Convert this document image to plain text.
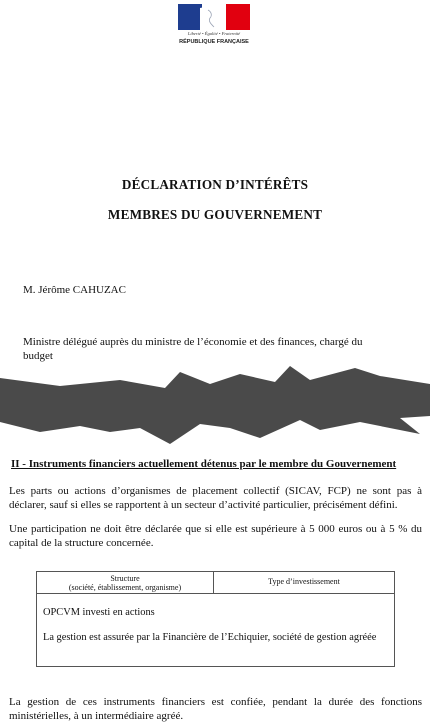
Liberté • Égalité • Fraternité
RÉPUBLIQUE FRANÇAISE
DÉCLARATION D’INTÉRÊTS
MEMBRES DU GOUVERNEMENT
M. Jérôme CAHUZAC
Ministre délégué auprès du ministre de l’économie et des finances, chargé du
budget
II - Instruments financiers actuellement détenus par le membre du Gouvernement
Les parts ou actions d’organismes de placement collectif (SICAV, FCP) ne sont pas à
déclarer, sauf si elles se rapportent à un secteur d’activité particulier, précisément défini.
Une participation ne doit être déclarée que si elle est supérieure à 5 000 euros ou à 5 % du
capital de la structure concernée.
Structure
(société, établissement, organisme)
Type d’investissement
OPCVM investi en actions
La gestion est assurée par la Financière de l’Echiquier, société de gestion agréée
La gestion de ces instruments financiers est confiée, pendant la durée des fonctions
ministérielles, à un intermédiaire agréé.
